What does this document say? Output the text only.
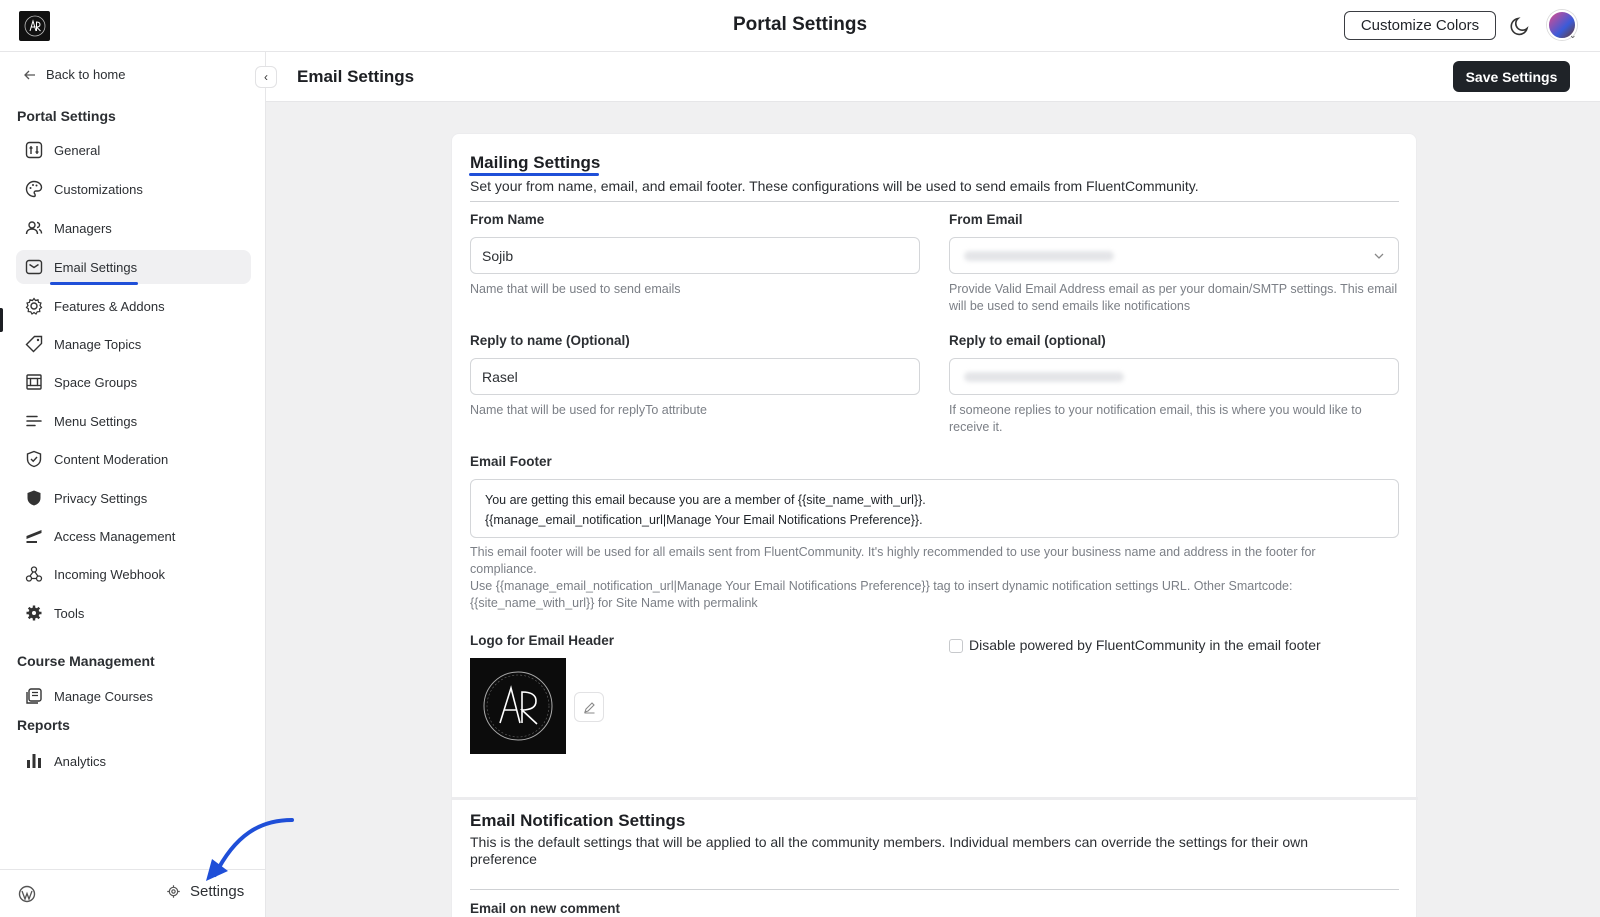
Portal Settings	Customize Colors
⌄
Back to home	‹
Portal Settings
General
Customizations
Managers
Email Settings
Features & Addons
Manage Topics
Space Groups
Menu Settings
Content Moderation
Privacy Settings
Access Management
Incoming Webhook
Tools
Course Management
Manage Courses
Reports
Analytics
Settings
Email Settings	Save Settings
Mailing Settings
Set your from name, email, and email footer. These configurations will be used to send emails from FluentCommunity.
From Name
Sojib
Name that will be used to send emails
From Email
Provide Valid Email Address email as per your domain/SMTP settings. This email will be used to send emails like notifications
Reply to name (Optional)
Rasel
Name that will be used for replyTo attribute
Reply to email (optional)
If someone replies to your notification email, this is where you would like to receive it.
Email Footer
You are getting this email because you are a member of {{site_name_with_url}}.
{{manage_email_notification_url|Manage Your Email Notifications Preference}}.
This email footer will be used for all emails sent from FluentCommunity. It's highly recommended to use your business name and address in the footer for compliance.
Use {{manage_email_notification_url|Manage Your Email Notifications Preference}} tag to insert dynamic notification settings URL. Other Smartcode: {{site_name_with_url}} for Site Name with permalink
Logo for Email Header	Disable powered by FluentCommunity in the email footer
Email Notification Settings
This is the default settings that will be applied to all the community members. Individual members can override the settings for their own preference
Email on new comment
